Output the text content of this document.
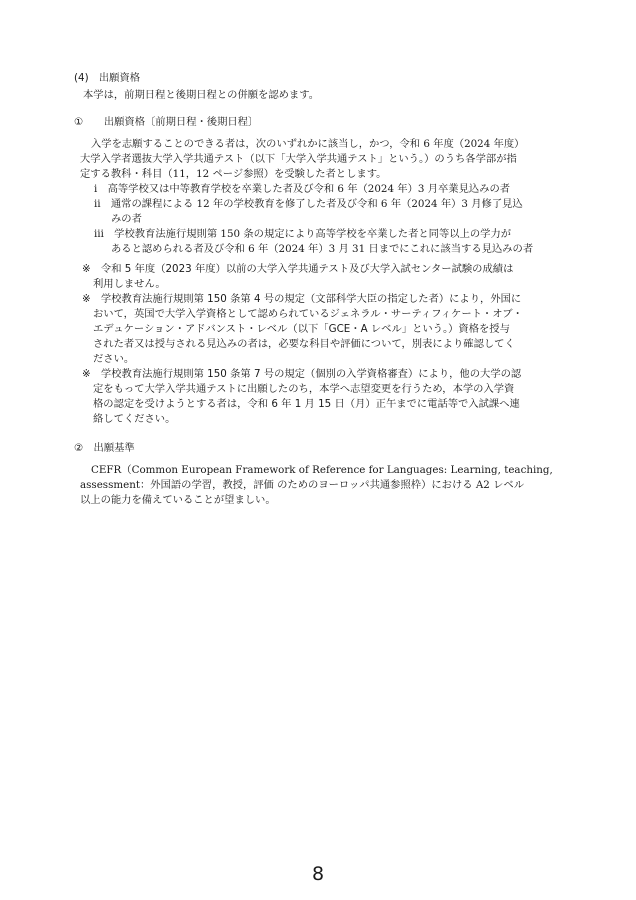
(4)　出願資格
本学は，前期日程と後期日程との併願を認めます。
①　　出願資格〔前期日程・後期日程〕
入学を志願することのできる者は，次のいずれかに該当し，かつ，令和 6 年度（2024 年度）
大学入学者選抜大学入学共通テスト（以下「大学入学共通テスト」という。）のうち各学部が指
定する教科・科目（11，12 ページ参照）を受験した者とします。
ⅰ　高等学校又は中等教育学校を卒業した者及び令和 6 年（2024 年）3 月卒業見込みの者
ⅱ　通常の課程による 12 年の学校教育を修了した者及び令和 6 年（2024 年）3 月修了見込
みの者
ⅲ　学校教育法施行規則第 150 条の規定により高等学校を卒業した者と同等以上の学力が
あると認められる者及び令和 6 年（2024 年）3 月 31 日までにこれに該当する見込みの者
※　令和 5 年度（2023 年度）以前の大学入学共通テスト及び大学入試センター試験の成績は
利用しません。
※　学校教育法施行規則第 150 条第 4 号の規定（文部科学大臣の指定した者）により，外国に
おいて，英国で大学入学資格として認められているジェネラル・サーティフィケート・オブ・
エデュケーション・アドバンスト・レベル（以下「GCE・A レベル」という。）資格を授与
された者又は授与される見込みの者は，必要な科目や評価について，別表により確認してく
ださい。
※　学校教育法施行規則第 150 条第 7 号の規定（個別の入学資格審査）により，他の大学の認
定をもって大学入学共通テストに出願したのち，本学へ志望変更を行うため，本学の入学資
格の認定を受けようとする者は，令和 6 年 1 月 15 日（月）正午までに電話等で入試課へ連
絡してください。
②　出願基準
CEFR（Common European Framework of Reference for Languages: Learning, teaching,
assessment：外国語の学習，教授，評価 のためのヨーロッパ共通参照枠）における A2 レベル
以上の能力を備えていることが望ましい。
8
